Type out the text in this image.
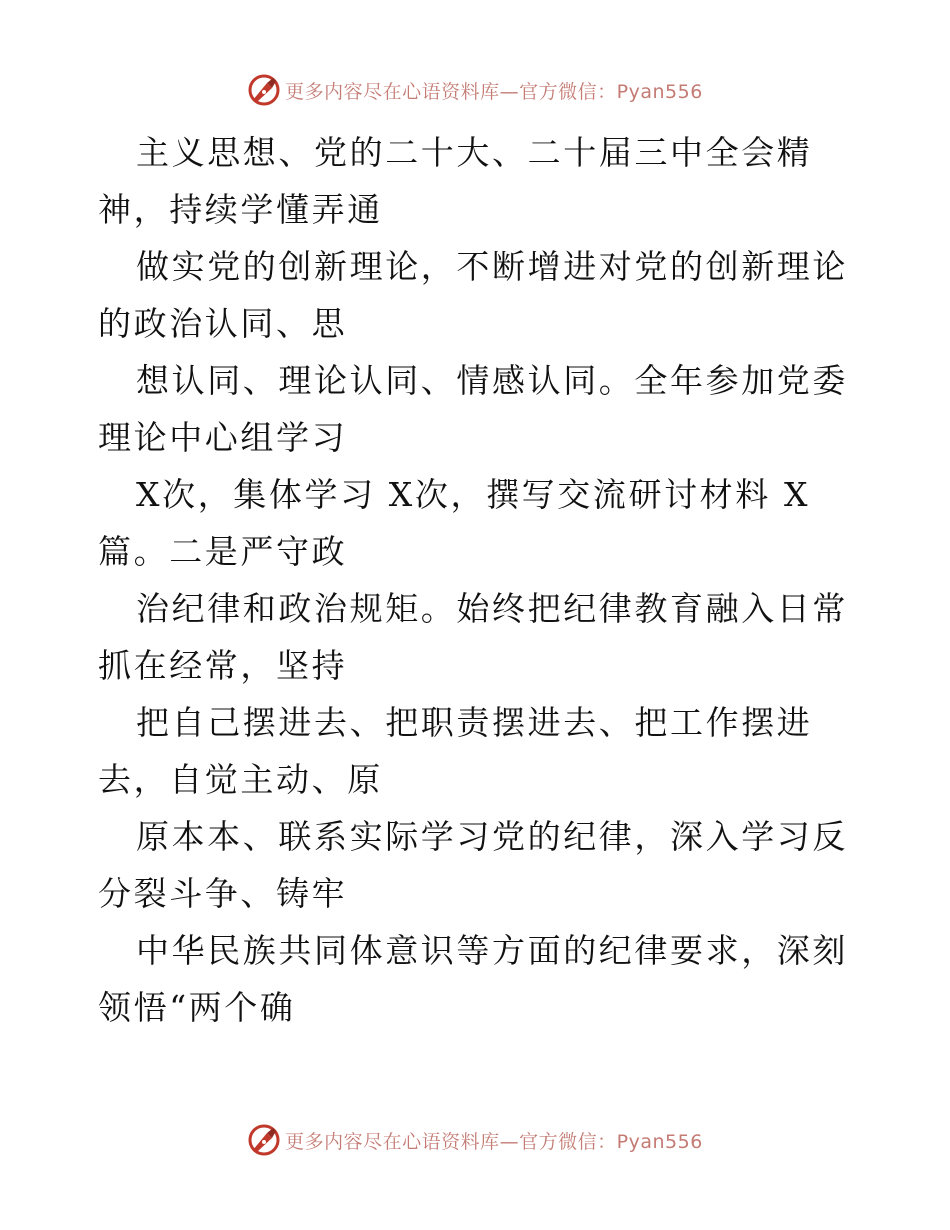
更多内容尽在心语资料库—官方微信：Pyan556

主义思想、党的二十大、二十届三中全会精神，持续学懂弄通

做实党的创新理论，不断增进对党的创新理论的政治认同、思

想认同、理论认同、情感认同。全年参加党委理论中心组学习

X次，集体学习 X次，撰写交流研讨材料 X篇。二是严守政

治纪律和政治规矩。始终把纪律教育融入日常抓在经常，坚持

把自己摆进去、把职责摆进去、把工作摆进去，自觉主动、原

原本本、联系实际学习党的纪律，深入学习反分裂斗争、铸牢

中华民族共同体意识等方面的纪律要求，深刻领悟“两个确

更多内容尽在心语资料库—官方微信：Pyan556
